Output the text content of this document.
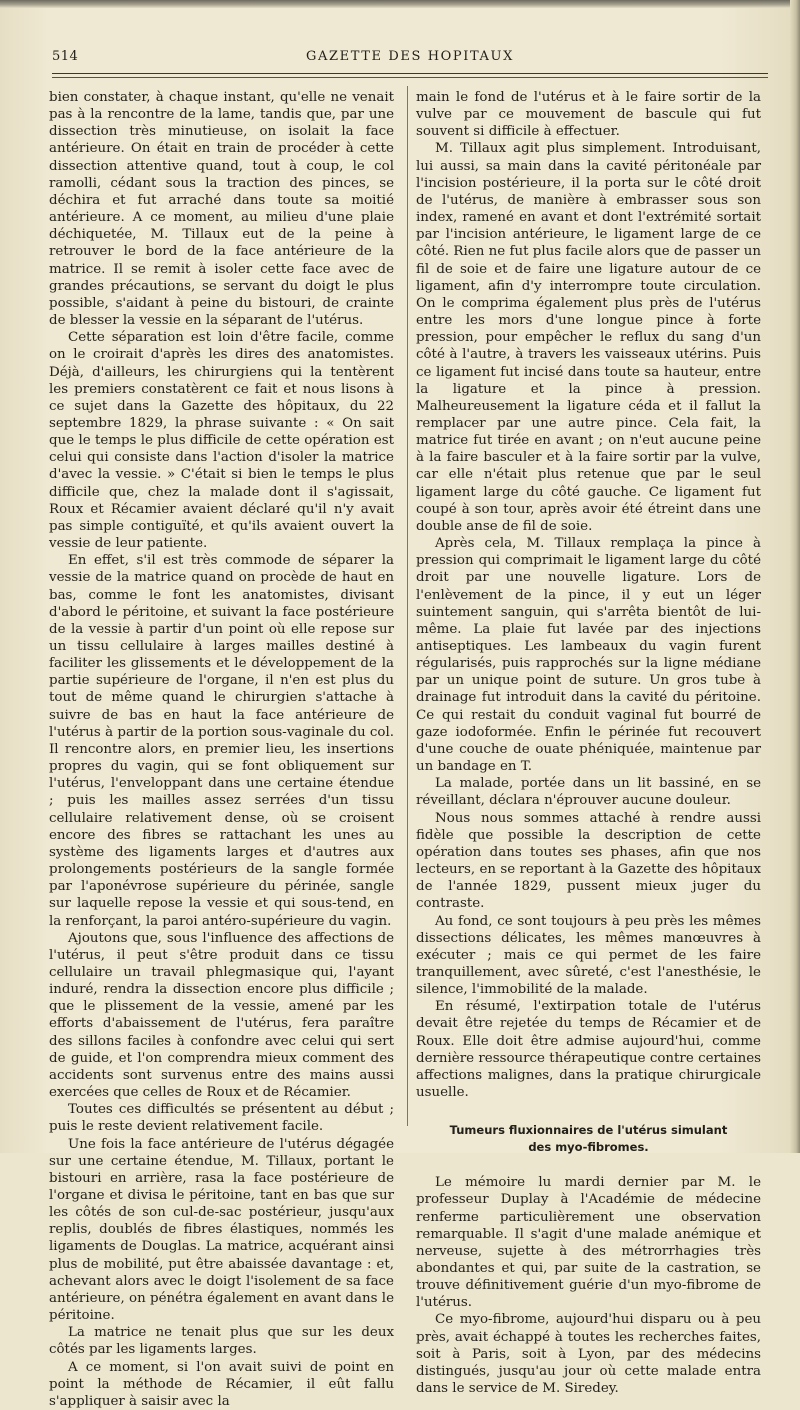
514	GAZETTE DES HOPITAUX

bien constater, à chaque instant, qu'elle ne venait pas à la rencontre de la lame, tandis que, par une dissection très minutieuse, on isolait la face antérieure. On était en train de procéder à cette dissection attentive quand, tout à coup, le col ramolli, cédant sous la traction des pinces, se déchira et fut arraché dans toute sa moitié antérieure. A ce moment, au milieu d'une plaie déchiquetée, M. Tillaux eut de la peine à retrouver le bord de la face antérieure de la matrice. Il se remit à isoler cette face avec de grandes précautions, se servant du doigt le plus possible, s'aidant à peine du bistouri, de crainte de blesser la vessie en la séparant de l'utérus.

Cette séparation est loin d'être facile, comme on le croirait d'après les dires des anatomistes. Déjà, d'ailleurs, les chirurgiens qui la tentèrent les premiers constatèrent ce fait et nous lisons à ce sujet dans la Gazette des hôpitaux, du 22 septembre 1829, la phrase suivante : « On sait que le temps le plus difficile de cette opération est celui qui consiste dans l'action d'isoler la matrice d'avec la vessie. » C'était si bien le temps le plus difficile que, chez la malade dont il s'agissait, Roux et Récamier avaient déclaré qu'il n'y avait pas simple contiguïté, et qu'ils avaient ouvert la vessie de leur patiente.

En effet, s'il est très commode de séparer la vessie de la matrice quand on procède de haut en bas, comme le font les anatomistes, divisant d'abord le péritoine, et suivant la face postérieure de la vessie à partir d'un point où elle repose sur un tissu cellulaire à larges mailles destiné à faciliter les glissements et le développement de la partie supérieure de l'organe, il n'en est plus du tout de même quand le chirurgien s'attache à suivre de bas en haut la face antérieure de l'utérus à partir de la portion sous-vaginale du col. Il rencontre alors, en premier lieu, les insertions propres du vagin, qui se font obliquement sur l'utérus, l'enveloppant dans une certaine étendue ; puis les mailles assez serrées d'un tissu cellulaire relativement dense, où se croisent encore des fibres se rattachant les unes au système des ligaments larges et d'autres aux prolongements postérieurs de la sangle formée par l'aponévrose supérieure du périnée, sangle sur laquelle repose la vessie et qui sous-tend, en la renforçant, la paroi antéro-supérieure du vagin.

Ajoutons que, sous l'influence des affections de l'utérus, il peut s'être produit dans ce tissu cellulaire un travail phlegmasique qui, l'ayant induré, rendra la dissection encore plus difficile ; que le plissement de la vessie, amené par les efforts d'abaissement de l'utérus, fera paraître des sillons faciles à confondre avec celui qui sert de guide, et l'on comprendra mieux comment des accidents sont survenus entre des mains aussi exercées que celles de Roux et de Récamier.

Toutes ces difficultés se présentent au début ; puis le reste devient relativement facile.

Une fois la face antérieure de l'utérus dégagée sur une certaine étendue, M. Tillaux, portant le bistouri en arrière, rasa la face postérieure de l'organe et divisa le péritoine, tant en bas que sur les côtés de son cul-de-sac postérieur, jusqu'aux replis, doublés de fibres élastiques, nommés les ligaments de Douglas. La matrice, acquérant ainsi plus de mobilité, put être abaissée davantage : et, achevant alors avec le doigt l'isolement de sa face antérieure, on pénétra également en avant dans le péritoine.

La matrice ne tenait plus que sur les deux côtés par les ligaments larges.

A ce moment, si l'on avait suivi de point en point la méthode de Récamier, il eût fallu s'appliquer à saisir avec la

main le fond de l'utérus et à le faire sortir de la vulve par ce mouvement de bascule qui fut souvent si difficile à effectuer.

M. Tillaux agit plus simplement. Introduisant, lui aussi, sa main dans la cavité péritonéale par l'incision postérieure, il la porta sur le côté droit de l'utérus, de manière à embrasser sous son index, ramené en avant et dont l'extrémité sortait par l'incision antérieure, le ligament large de ce côté. Rien ne fut plus facile alors que de passer un fil de soie et de faire une ligature autour de ce ligament, afin d'y interrompre toute circulation. On le comprima également plus près de l'utérus entre les mors d'une longue pince à forte pression, pour empêcher le reflux du sang d'un côté à l'autre, à travers les vaisseaux utérins. Puis ce ligament fut incisé dans toute sa hauteur, entre la ligature et la pince à pression. Malheureusement la ligature céda et il fallut la remplacer par une autre pince. Cela fait, la matrice fut tirée en avant ; on n'eut aucune peine à la faire basculer et à la faire sortir par la vulve, car elle n'était plus retenue que par le seul ligament large du côté gauche. Ce ligament fut coupé à son tour, après avoir été étreint dans une double anse de fil de soie.

Après cela, M. Tillaux remplaça la pince à pression qui comprimait le ligament large du côté droit par une nouvelle ligature. Lors de l'enlèvement de la pince, il y eut un léger suintement sanguin, qui s'arrêta bientôt de lui-même. La plaie fut lavée par des injections antiseptiques. Les lambeaux du vagin furent régularisés, puis rapprochés sur la ligne médiane par un unique point de suture. Un gros tube à drainage fut introduit dans la cavité du péritoine. Ce qui restait du conduit vaginal fut bourré de gaze iodoformée. Enfin le périnée fut recouvert d'une couche de ouate phéniquée, maintenue par un bandage en T.

La malade, portée dans un lit bassiné, en se réveillant, déclara n'éprouver aucune douleur.

Nous nous sommes attaché à rendre aussi fidèle que possible la description de cette opération dans toutes ses phases, afin que nos lecteurs, en se reportant à la Gazette des hôpitaux de l'année 1829, pussent mieux juger du contraste.

Au fond, ce sont toujours à peu près les mêmes dissections délicates, les mêmes manœuvres à exécuter ; mais ce qui permet de les faire tranquillement, avec sûreté, c'est l'anesthésie, le silence, l'immobilité de la malade.

En résumé, l'extirpation totale de l'utérus devait être rejetée du temps de Récamier et de Roux. Elle doit être admise aujourd'hui, comme dernière ressource thérapeutique contre certaines affections malignes, dans la pratique chirurgicale usuelle.

Tumeurs fluxionnaires de l'utérus simulant
des myo-fibromes.

Le mémoire lu mardi dernier par M. le professeur Duplay à l'Académie de médecine renferme particulièrement une observation remarquable. Il s'agit d'une malade anémique et nerveuse, sujette à des métrorrhagies très abondantes et qui, par suite de la castration, se trouve définitivement guérie d'un myo-fibrome de l'utérus.

Ce myo-fibrome, aujourd'hui disparu ou à peu près, avait échappé à toutes les recherches faites, soit à Paris, soit à Lyon, par des médecins distingués, jusqu'au jour où cette malade entra dans le service de M. Siredey.
